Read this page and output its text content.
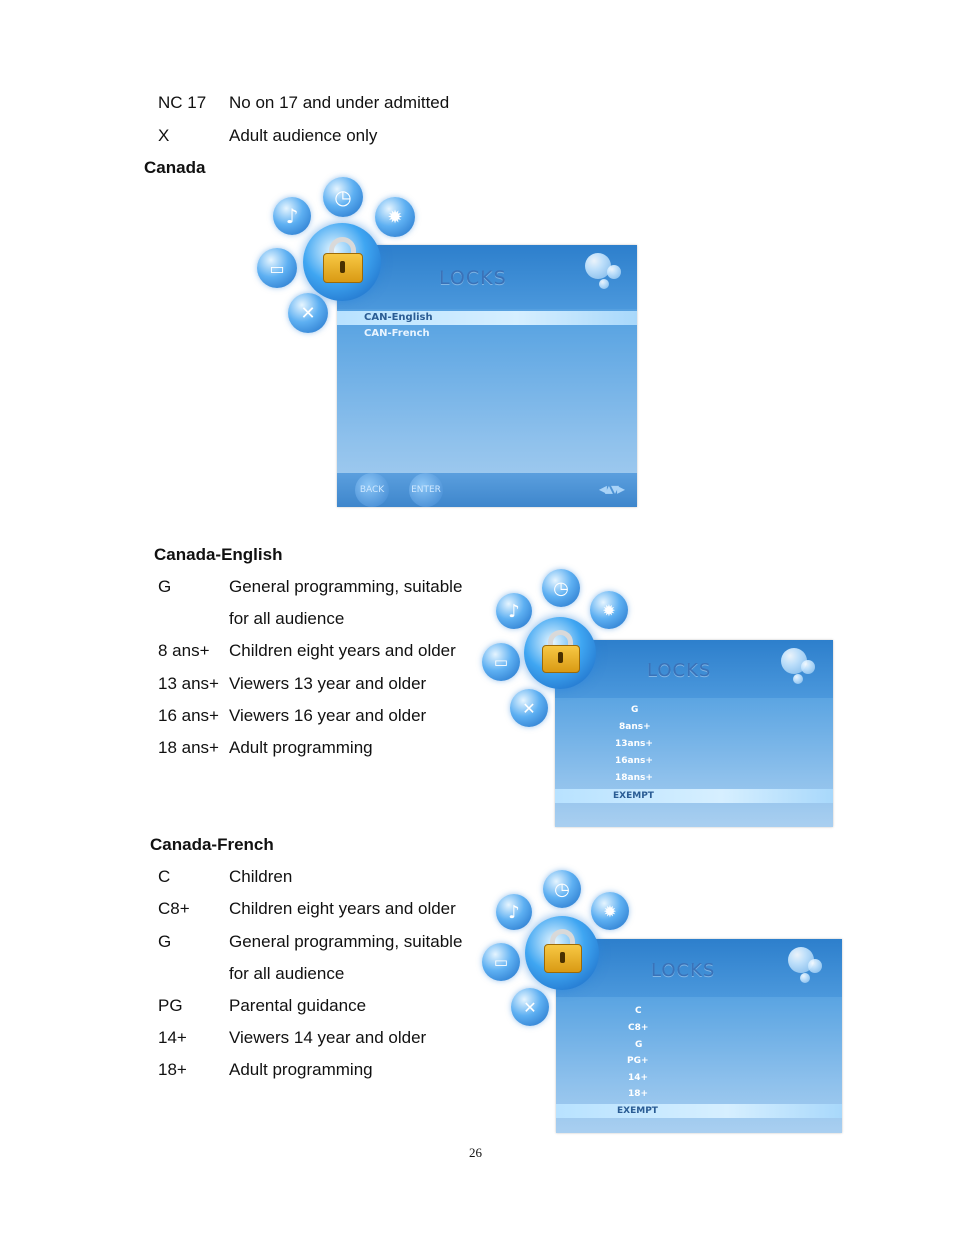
NC 17 No on 17 and under admitted
X	Adult audience only
Canada
LOCKS
CAN-English
CAN-French
BACK	ENTER	◂▴▾▸
♪
◷
✹
▭
✕
Canada-English
G	General programming, suitable
for all audience
8 ans+ Children eight years and older
13 ans+ Viewers 13 year and older
16 ans+ Viewers 16 year and older
18 ans+ Adult programming
LOCKS
G
8ans+
13ans+
16ans+
18ans+
EXEMPT
♪
◷
✹
▭
✕
Canada-French
C	Children
C8+ Children eight years and older
G	General programming, suitable
for all audience
PG	Parental guidance
14+ Viewers 14 year and older
18+ Adult programming
LOCKS
C
C8+
G
PG+
14+
18+
EXEMPT
♪
◷
✹
▭
✕
26
